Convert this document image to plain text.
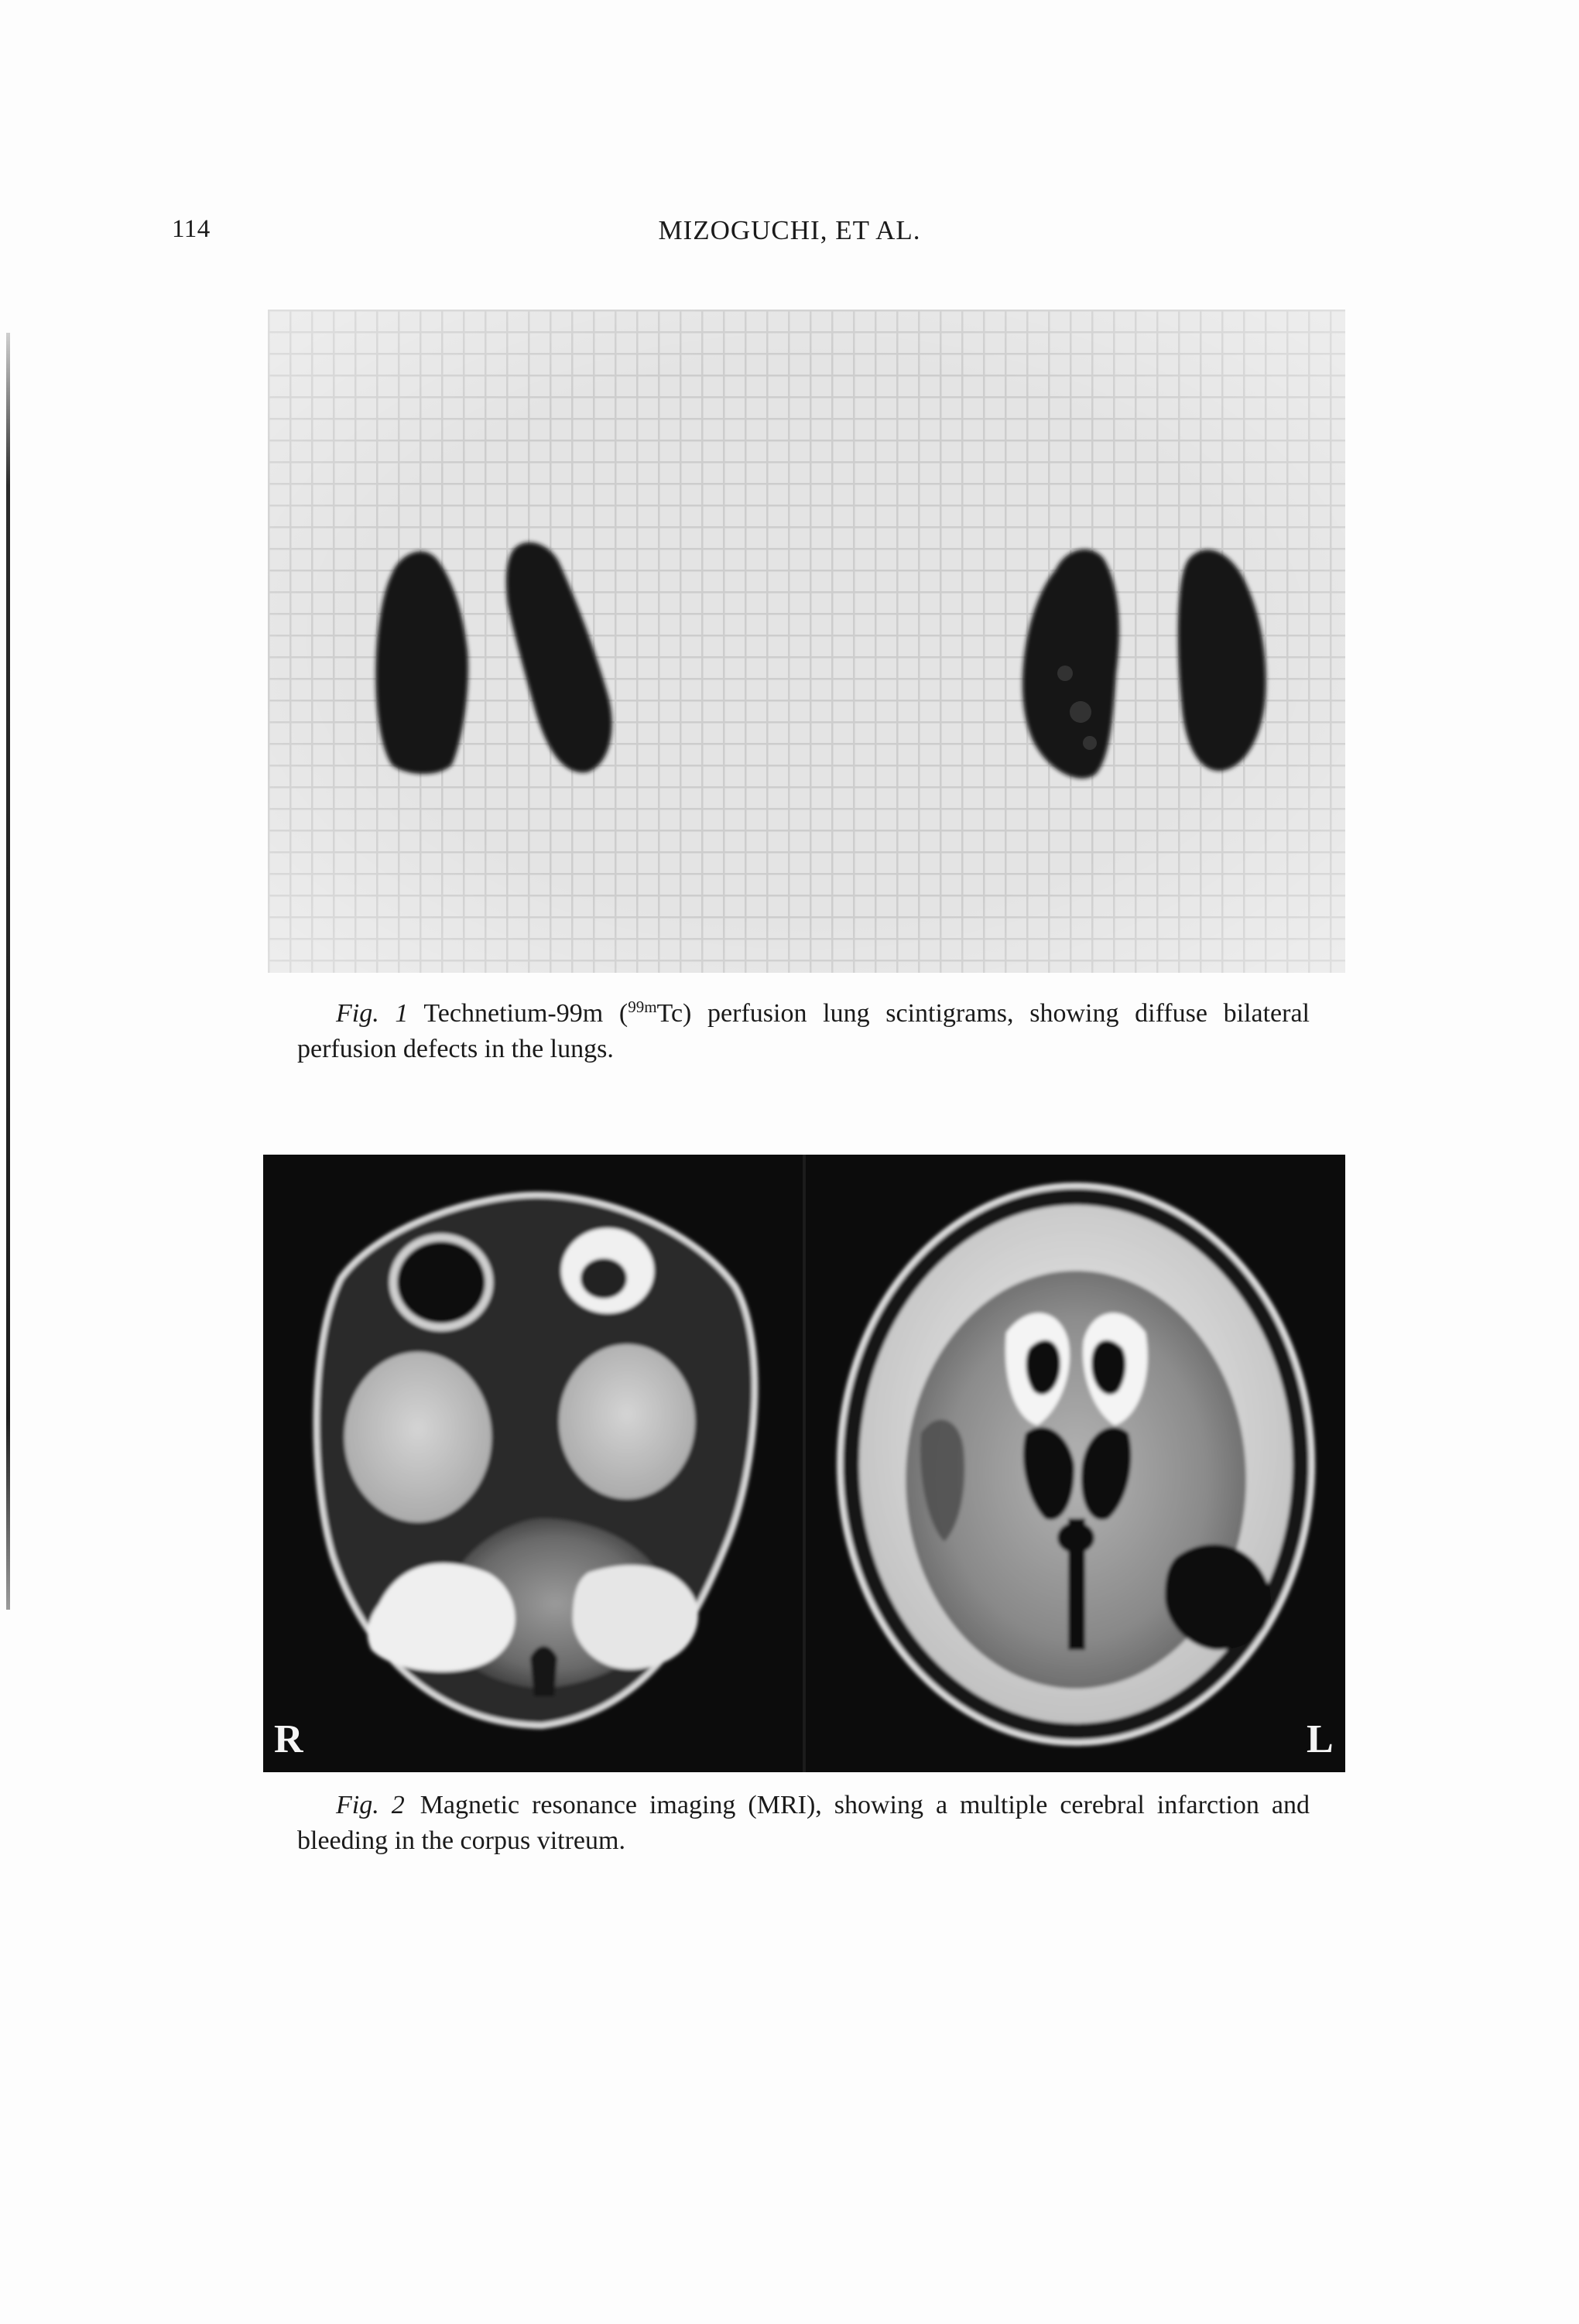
114	MIZOGUCHI, ET AL.
Fig. 1 Technetium-99m ($^{99m}$Tc) perfusion lung scintigrams, showing diffuse bilateral perfusion defects in the lungs.
R	L
Fig. 2 Magnetic resonance imaging (MRI), showing a multiple cerebral infarction and bleeding in the corpus vitreum.
